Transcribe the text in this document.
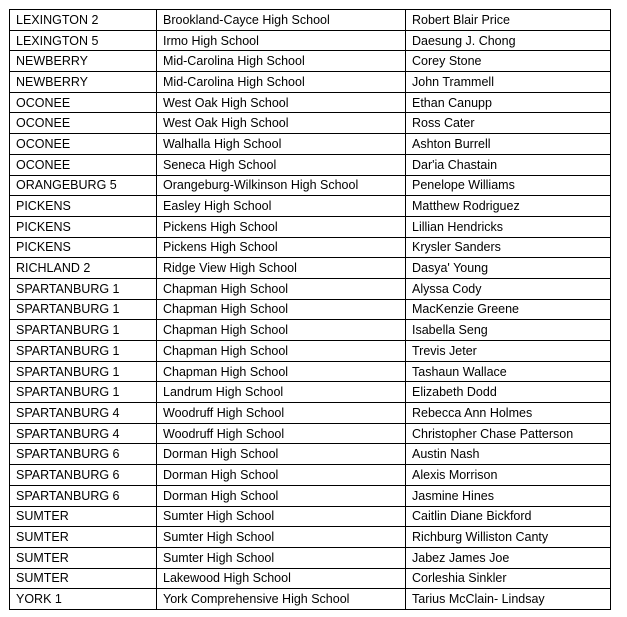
LEXINGTON 2	Brookland-Cayce High School	Robert Blair Price
LEXINGTON 5	Irmo High School	Daesung J. Chong
NEWBERRY	Mid-Carolina High School	Corey Stone
NEWBERRY	Mid-Carolina High School	John Trammell
OCONEE	West Oak High School	Ethan Canupp
OCONEE	West Oak High School	Ross Cater
OCONEE	Walhalla High School	Ashton Burrell
OCONEE	Seneca High School	Dar'ia Chastain
ORANGEBURG 5	Orangeburg-Wilkinson High School	Penelope Williams
PICKENS	Easley High School	Matthew Rodriguez
PICKENS	Pickens High School	Lillian Hendricks
PICKENS	Pickens High School	Krysler Sanders
RICHLAND 2	Ridge View High School	Dasya' Young
SPARTANBURG 1	Chapman High School	Alyssa Cody
SPARTANBURG 1	Chapman High School	MacKenzie Greene
SPARTANBURG 1	Chapman High School	Isabella Seng
SPARTANBURG 1	Chapman High School	Trevis Jeter
SPARTANBURG 1	Chapman High School	Tashaun Wallace
SPARTANBURG 1	Landrum High School	Elizabeth Dodd
SPARTANBURG 4	Woodruff High School	Rebecca Ann Holmes
SPARTANBURG 4	Woodruff High School	Christopher Chase Patterson
SPARTANBURG 6	Dorman High School	Austin Nash
SPARTANBURG 6	Dorman High School	Alexis Morrison
SPARTANBURG 6	Dorman High School	Jasmine Hines
SUMTER	Sumter High School	Caitlin Diane Bickford
SUMTER	Sumter High School	Richburg Williston Canty
SUMTER	Sumter High School	Jabez James Joe
SUMTER	Lakewood High School	Corleshia Sinkler
YORK 1	York Comprehensive High School	Tarius McClain- Lindsay
